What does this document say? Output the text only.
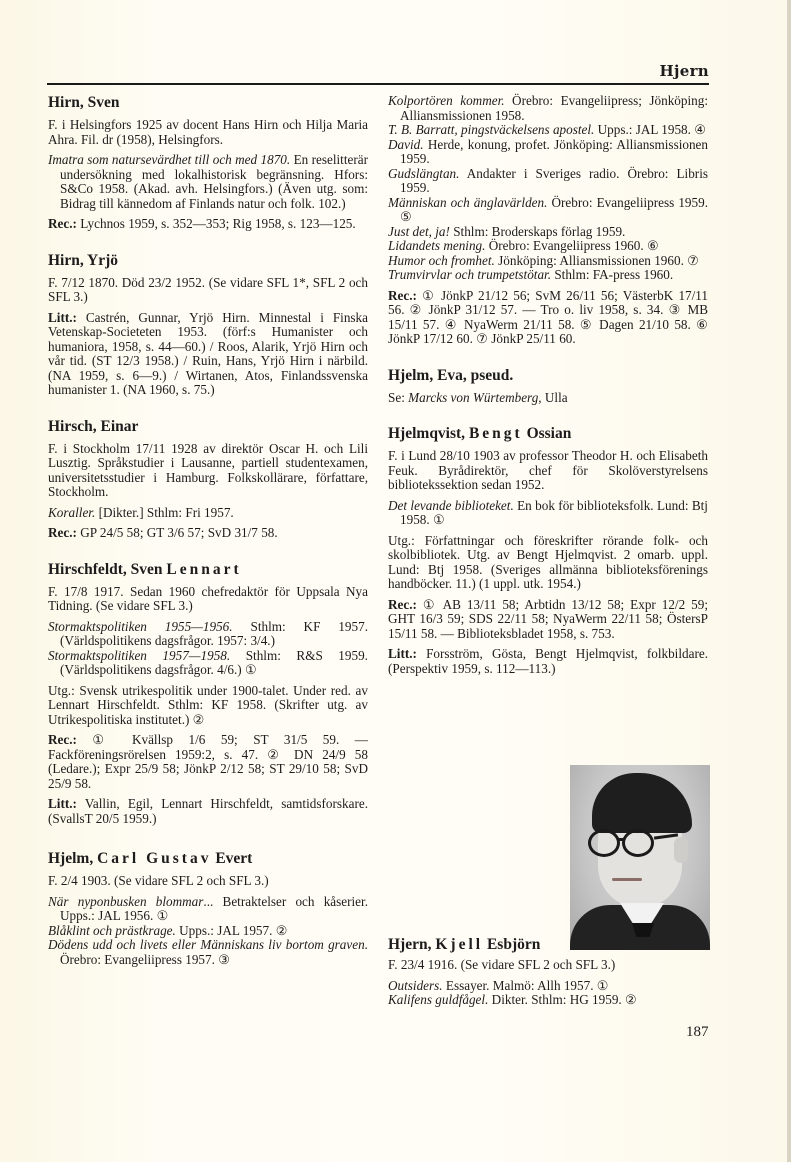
Hjern
Hirn, Sven

F. i Helsingfors 1925 av docent Hans Hirn och Hilja Maria Ahra. Fil. dr (1958), Helsingfors.

Imatra som natursevärdhet till och med 1870. En reselitterär undersökning med lokalhistorisk begränsning. Hfors: S&Co 1958. (Akad. avh. Helsingfors.) (Även utg. som: Bidrag till kännedom af Finlands natur och folk. 102.)

Rec.: Lychnos 1959, s. 352—353; Rig 1958, s. 123—125.

Hirn, Yrjö

F. 7/12 1870. Död 23/2 1952. (Se vidare SFL 1*, SFL 2 och SFL 3.)

Litt.: Castrén, Gunnar, Yrjö Hirn. Minnestal i Finska Vetenskap-Societeten 1953. (förf:s Humanister och humaniora, 1958, s. 44—60.) / Roos, Alarik, Yrjö Hirn och vår tid. (ST 12/3 1958.) / Ruin, Hans, Yrjö Hirn i närbild. (NA 1959, s. 6—9.) / Wirtanen, Atos, Finlandssvenska humanister 1. (NA 1960, s. 75.)

Hirsch, Einar

F. i Stockholm 17/11 1928 av direktör Oscar H. och Lili Lusztig. Språkstudier i Lausanne, partiell studentexamen, universitetsstudier i Hamburg. Folkskollärare, författare, Stockholm.

Koraller. [Dikter.] Sthlm: Fri 1957.

Rec.: GP 24/5 58; GT 3/6 57; SvD 31/7 58.

Hirschfeldt, Sven Lennart

F. 17/8 1917. Sedan 1960 chefredaktör för Uppsala Nya Tidning. (Se vidare SFL 3.)

Stormaktspolitiken 1955—1956. Sthlm: KF 1957. (Världspolitikens dagsfrågor. 1957: 3/4.)

Stormaktspolitiken 1957—1958. Sthlm: R&S 1959. (Världspolitikens dagsfrågor. 4/6.) ①

Utg.: Svensk utrikespolitik under 1900-talet. Under red. av Lennart Hirschfeldt. Sthlm: KF 1958. (Skrifter utg. av Utrikespolitiska institutet.) ②

Rec.: ① Kvällsp 1/6 59; ST 31/5 59. — Fackföreningsrörelsen 1959:2, s. 47. ② DN 24/9 58 (Ledare.); Expr 25/9 58; JönkP 2/12 58; ST 29/10 58; SvD 25/9 58.

Litt.: Vallin, Egil, Lennart Hirschfeldt, samtidsforskare. (SvallsT 20/5 1959.)

Hjelm, Carl Gustav Evert

F. 2/4 1903. (Se vidare SFL 2 och SFL 3.)

När nyponbusken blommar... Betraktelser och kåserier. Upps.: JAL 1956. ①

Blåklint och prästkrage. Upps.: JAL 1957. ②

Dödens udd och livets eller Människans liv bortom graven. Örebro: Evangeliipress 1957. ③

Kolportören kommer. Örebro: Evangeliipress; Jönköping: Alliansmissionen 1958.

T. B. Barratt, pingstväckelsens apostel. Upps.: JAL 1958. ④

David. Herde, konung, profet. Jönköping: Alliansmissionen 1959.

Gudslängtan. Andakter i Sveriges radio. Örebro: Libris 1959.

Människan och änglavärlden. Örebro: Evangeliipress 1959. ⑤

Just det, ja! Sthlm: Broderskaps förlag 1959.

Lidandets mening. Örebro: Evangeliipress 1960. ⑥

Humor och fromhet. Jönköping: Alliansmissionen 1960. ⑦

Trumvirvlar och trumpetstötar. Sthlm: FA-press 1960.

Rec.: ① JönkP 21/12 56; SvM 26/11 56; VästerbK 17/11 56. ② JönkP 31/12 57. — Tro o. liv 1958, s. 34. ③ MB 15/11 57. ④ NyaWerm 21/11 58. ⑤ Dagen 21/10 58. ⑥ JönkP 17/12 60. ⑦ JönkP 25/11 60.

Hjelm, Eva, pseud.

Se: Marcks von Würtemberg, Ulla

Hjelmqvist, Bengt Ossian

F. i Lund 28/10 1903 av professor Theodor H. och Elisabeth Feuk. Byrådirektör, chef för Skolöverstyrelsens bibliotekssektion sedan 1952.

Det levande biblioteket. En bok för biblioteksfolk. Lund: Btj 1958. ①

Utg.: Författningar och föreskrifter rörande folk- och skolbibliotek. Utg. av Bengt Hjelmqvist. 2 omarb. uppl. Lund: Btj 1958. (Sveriges allmänna biblioteksförenings handböcker. 11.) (1 uppl. utk. 1954.)

Rec.: ① AB 13/11 58; Arbtidn 13/12 58; Expr 12/2 59; GHT 16/3 59; SDS 22/11 58; NyaWerm 22/11 58; ÖstersP 15/11 58. — Biblioteksbladet 1958, s. 753.

Litt.: Forsström, Gösta, Bengt Hjelmqvist, folkbildare. (Perspektiv 1959, s. 112—113.)

Hjern, Kjell Esbjörn

F. 23/4 1916. (Se vidare SFL 2 och SFL 3.)

Outsiders. Essayer. Malmö: Allh 1957. ①

Kalifens guldfågel. Dikter. Sthlm: HG 1959. ②

187
